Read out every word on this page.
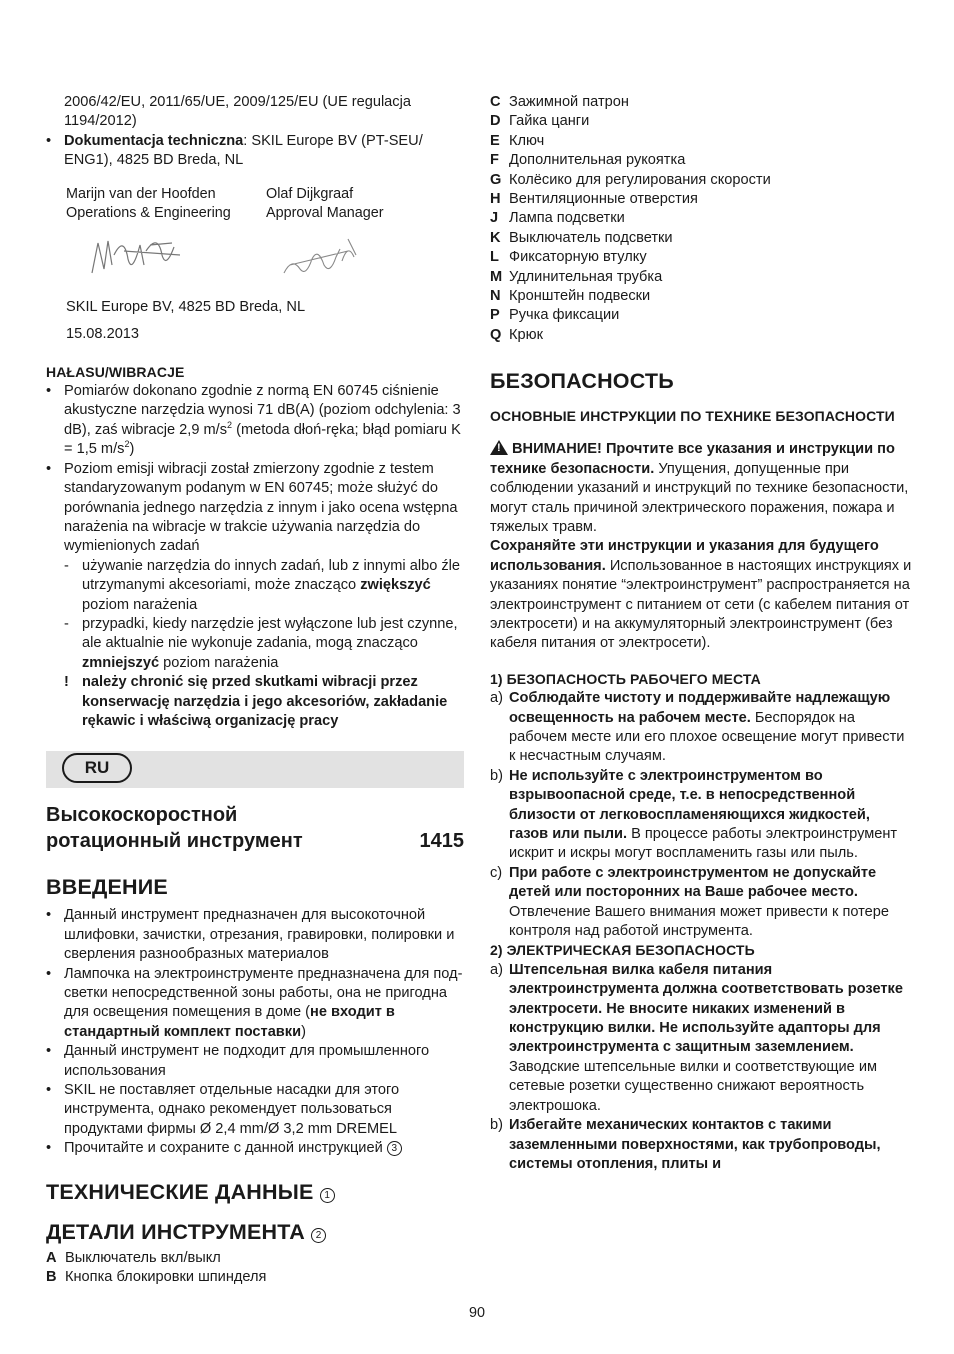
2006/42/EU, 2011/65/UE, 2009/125/EU (UE regulacja 1194/2012)

• Dokumentacja techniczna: SKIL Europe BV (PT-SEU/ ENG1), 4825 BD Breda, NL

Marijn van der Hoofden
Operations & Engineering
Olaf Dijkgraaf
Approval Manager

SKIL Europe BV, 4825 BD Breda, NL

15.08.2013

HAŁASU/WIBRACJE

• Pomiarów dokonano zgodnie z normą EN 60745 ciśnienie akustyczne narzędzia wynosi 71 dB(A) (poziom odchylenia: 3 dB), zaś wibracje 2,9 $m/s^2$ (metoda dłoń-ręka; błąd pomiaru K = 1,5 $m/s^2$)

• Poziom emisji wibracji został zmierzony zgodnie z testem standaryzowanym podanym w EN 60745; może służyć do porównania jednego narzędzia z innym i jako ocena wstępna narażenia na wibracje w trakcie używania narzędzia do wymienionych zadań

- używanie narzędzia do innych zadań, lub z innymi albo źle utrzymanymi akcesoriami, może znacząco zwiększyć poziom narażenia

- przypadki, kiedy narzędzie jest wyłączone lub jest czynne, ale aktualnie nie wykonuje zadania, mogą znacząco zmniejszyć poziom narażenia

! należy chronić się przed skutkami wibracji przez konserwację narzędzia i jego akcesoriów, zakładanie rękawic i właściwą organizację pracy

RU
Высокоскоростной
ротационный инструмент	1415
ВВЕДЕНИЕ

• Данный инструмент предназначен для высокоточной шлифовки, зачистки, отрезания, гравировки, полировки и сверления разнообразных материалов

• Лампочка на электроинструменте предназначена для под-светки непосредственной зоны работы, она не пригодна для освещения помещения в доме (не входит в стандартный комплект поставки)

• Данный инструмент не подходит для промышленного использования

• SKIL не поставляет отдельные насадки для этого инструмента, однако рекомендует пользоваться продуктами фирмы Ø 2,4 mm/Ø 3,2 mm DREMEL

• Прочитайте и сохраните с данной инструкцией 3

ТЕХНИЧЕСКИЕ ДАННЫЕ 1
ДЕТАЛИ ИНСТРУМЕНТА 2

A Выключатель вкл/выкл

B Кнопка блокировки шпинделя

C Зажимной патрон

D Гайка цанги

E Ключ

F Дополнительная рукоятка

G Колёсико для регулирования скорости

H Вентиляционные отверстия

J Лампа подсветки

K Выключатель подсветки

L Фиксаторную втулку

M Удлинительная трубка

N Кронштейн подвески

P Ручка фиксации

Q Крюк

БЕЗОПАСНОСТЬ

ОСНОВНЫЕ ИНСТРУКЦИИ ПО ТЕХНИКЕ БЕЗОПАСНОСТИ

!ВНИМАНИЕ! Прочтите все указания и инструкции по технике безопасности. Упущения, допущенные при соблюдении указаний и инструкций по технике безопасности, могут сталь причиной электрического поражения, пожара и тяжелых травм.

Сохраняйте эти инструкции и указания для будущего использования. Использованное в настоящих инструкциях и указаниях понятие “электроинструмент” распространяется на электроинструмент с питанием от сети (с кабелем питания от электросети) и на аккумуляторный электроинструмент (без кабеля питания от электросети).

1) БЕЗОПАСНОСТЬ РАБОЧЕГО МЕСТА

a) Соблюдайте чистоту и поддерживайте надлежащую освещенность на рабочем месте. Беспорядок на рабочем месте или его плохое освещение могут привести к несчастным случаям.

b) Не используйте с электроинструментом во взрывоопасной среде, т.е. в непосредственной близости от легковоспламеняющихся жидкостей, газов или пыли. В процессе работы электроинструмент искрит и искры могут воспламенить газы или пыль.

c) При работе с электроинструментом не допускайте детей или посторонних на Ваше рабочее место. Отвлечение Вашего внимания может привести к потере контроля над работой инструмента.

2) ЭЛЕКТРИЧЕСКАЯ БЕЗОПАСНОСТЬ

a) Штепсельная вилка кабеля питания электроинструмента должна соответствовать розетке электросети. Не вносите никаких изменений в конструкцию вилки. Не используйте адапторы для электроинструмента с защитным заземлением. Заводские штепсельные вилки и соответствующие им сетевые розетки существенно снижают вероятность электрошока.

b) Избегайте механических контактов с такими заземленными поверхностями, как трубопроводы, системы отопления, плиты и

90
